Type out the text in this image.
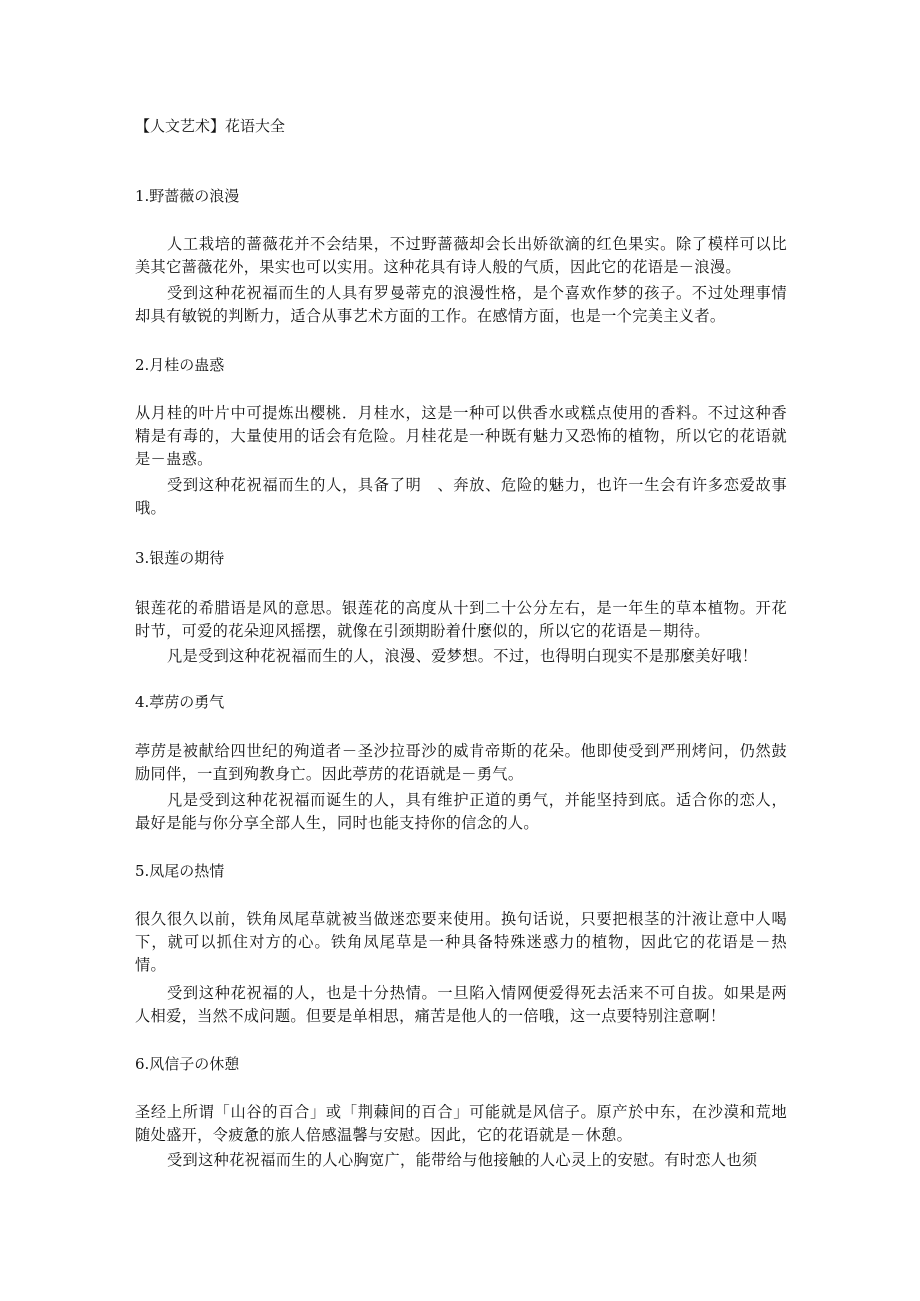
【人文艺术】花语大全
1.野蔷薇の浪漫

人工栽培的蔷薇花并不会结果，不过野蔷薇却会长出娇欲滴的红色果实。除了模样可以比美其它蔷薇花外，果实也可以实用。这种花具有诗人般的气质，因此它的花语是－浪漫。

受到这种花祝福而生的人具有罗曼蒂克的浪漫性格，是个喜欢作梦的孩子。不过处理事情却具有敏锐的判断力，适合从事艺术方面的工作。在感情方面，也是一个完美主义者。

2.月桂の蛊惑

从月桂的叶片中可提炼出樱桃．月桂水，这是一种可以供香水或糕点使用的香料。不过这种香精是有毒的，大量使用的话会有危险。月桂花是一种既有魅力又恐怖的植物，所以它的花语就是－蛊惑。

受到这种花祝福而生的人，具备了明　、奔放、危险的魅力，也许一生会有许多恋爱故事哦。

3.银莲の期待

银莲花的希腊语是风的意思。银莲花的高度从十到二十公分左右，是一年生的草本植物。开花时节，可爱的花朵迎风摇摆，就像在引颈期盼着什麼似的，所以它的花语是－期待。

凡是受到这种花祝福而生的人，浪漫、爱梦想。不过，也得明白现实不是那麼美好哦！

4.葶苈の勇气

葶苈是被献给四世纪的殉道者－圣沙拉哥沙的威肯帝斯的花朵。他即使受到严刑烤问，仍然鼓励同伴，一直到殉教身亡。因此葶苈的花语就是－勇气。

凡是受到这种花祝福而诞生的人，具有维护正道的勇气，并能坚持到底。适合你的恋人，最好是能与你分享全部人生，同时也能支持你的信念的人。

5.凤尾の热情

很久很久以前，铁角凤尾草就被当做迷恋要来使用。换句话说，只要把根茎的汁液让意中人喝下，就可以抓住对方的心。铁角凤尾草是一种具备特殊迷惑力的植物，因此它的花语是－热情。

受到这种花祝福的人，也是十分热情。一旦陷入情网便爱得死去活来不可自拔。如果是两人相爱，当然不成问题。但要是单相思，痛苦是他人的一倍哦，这一点要特别注意啊！

6.风信子の休憩

圣经上所谓「山谷的百合」或「荆蕀间的百合」可能就是风信子。原产於中东，在沙漠和荒地随处盛开，令疲惫的旅人倍感温馨与安慰。因此，它的花语就是－休憩。

受到这种花祝福而生的人心胸宽广，能带给与他接触的人心灵上的安慰。有时恋人也须
